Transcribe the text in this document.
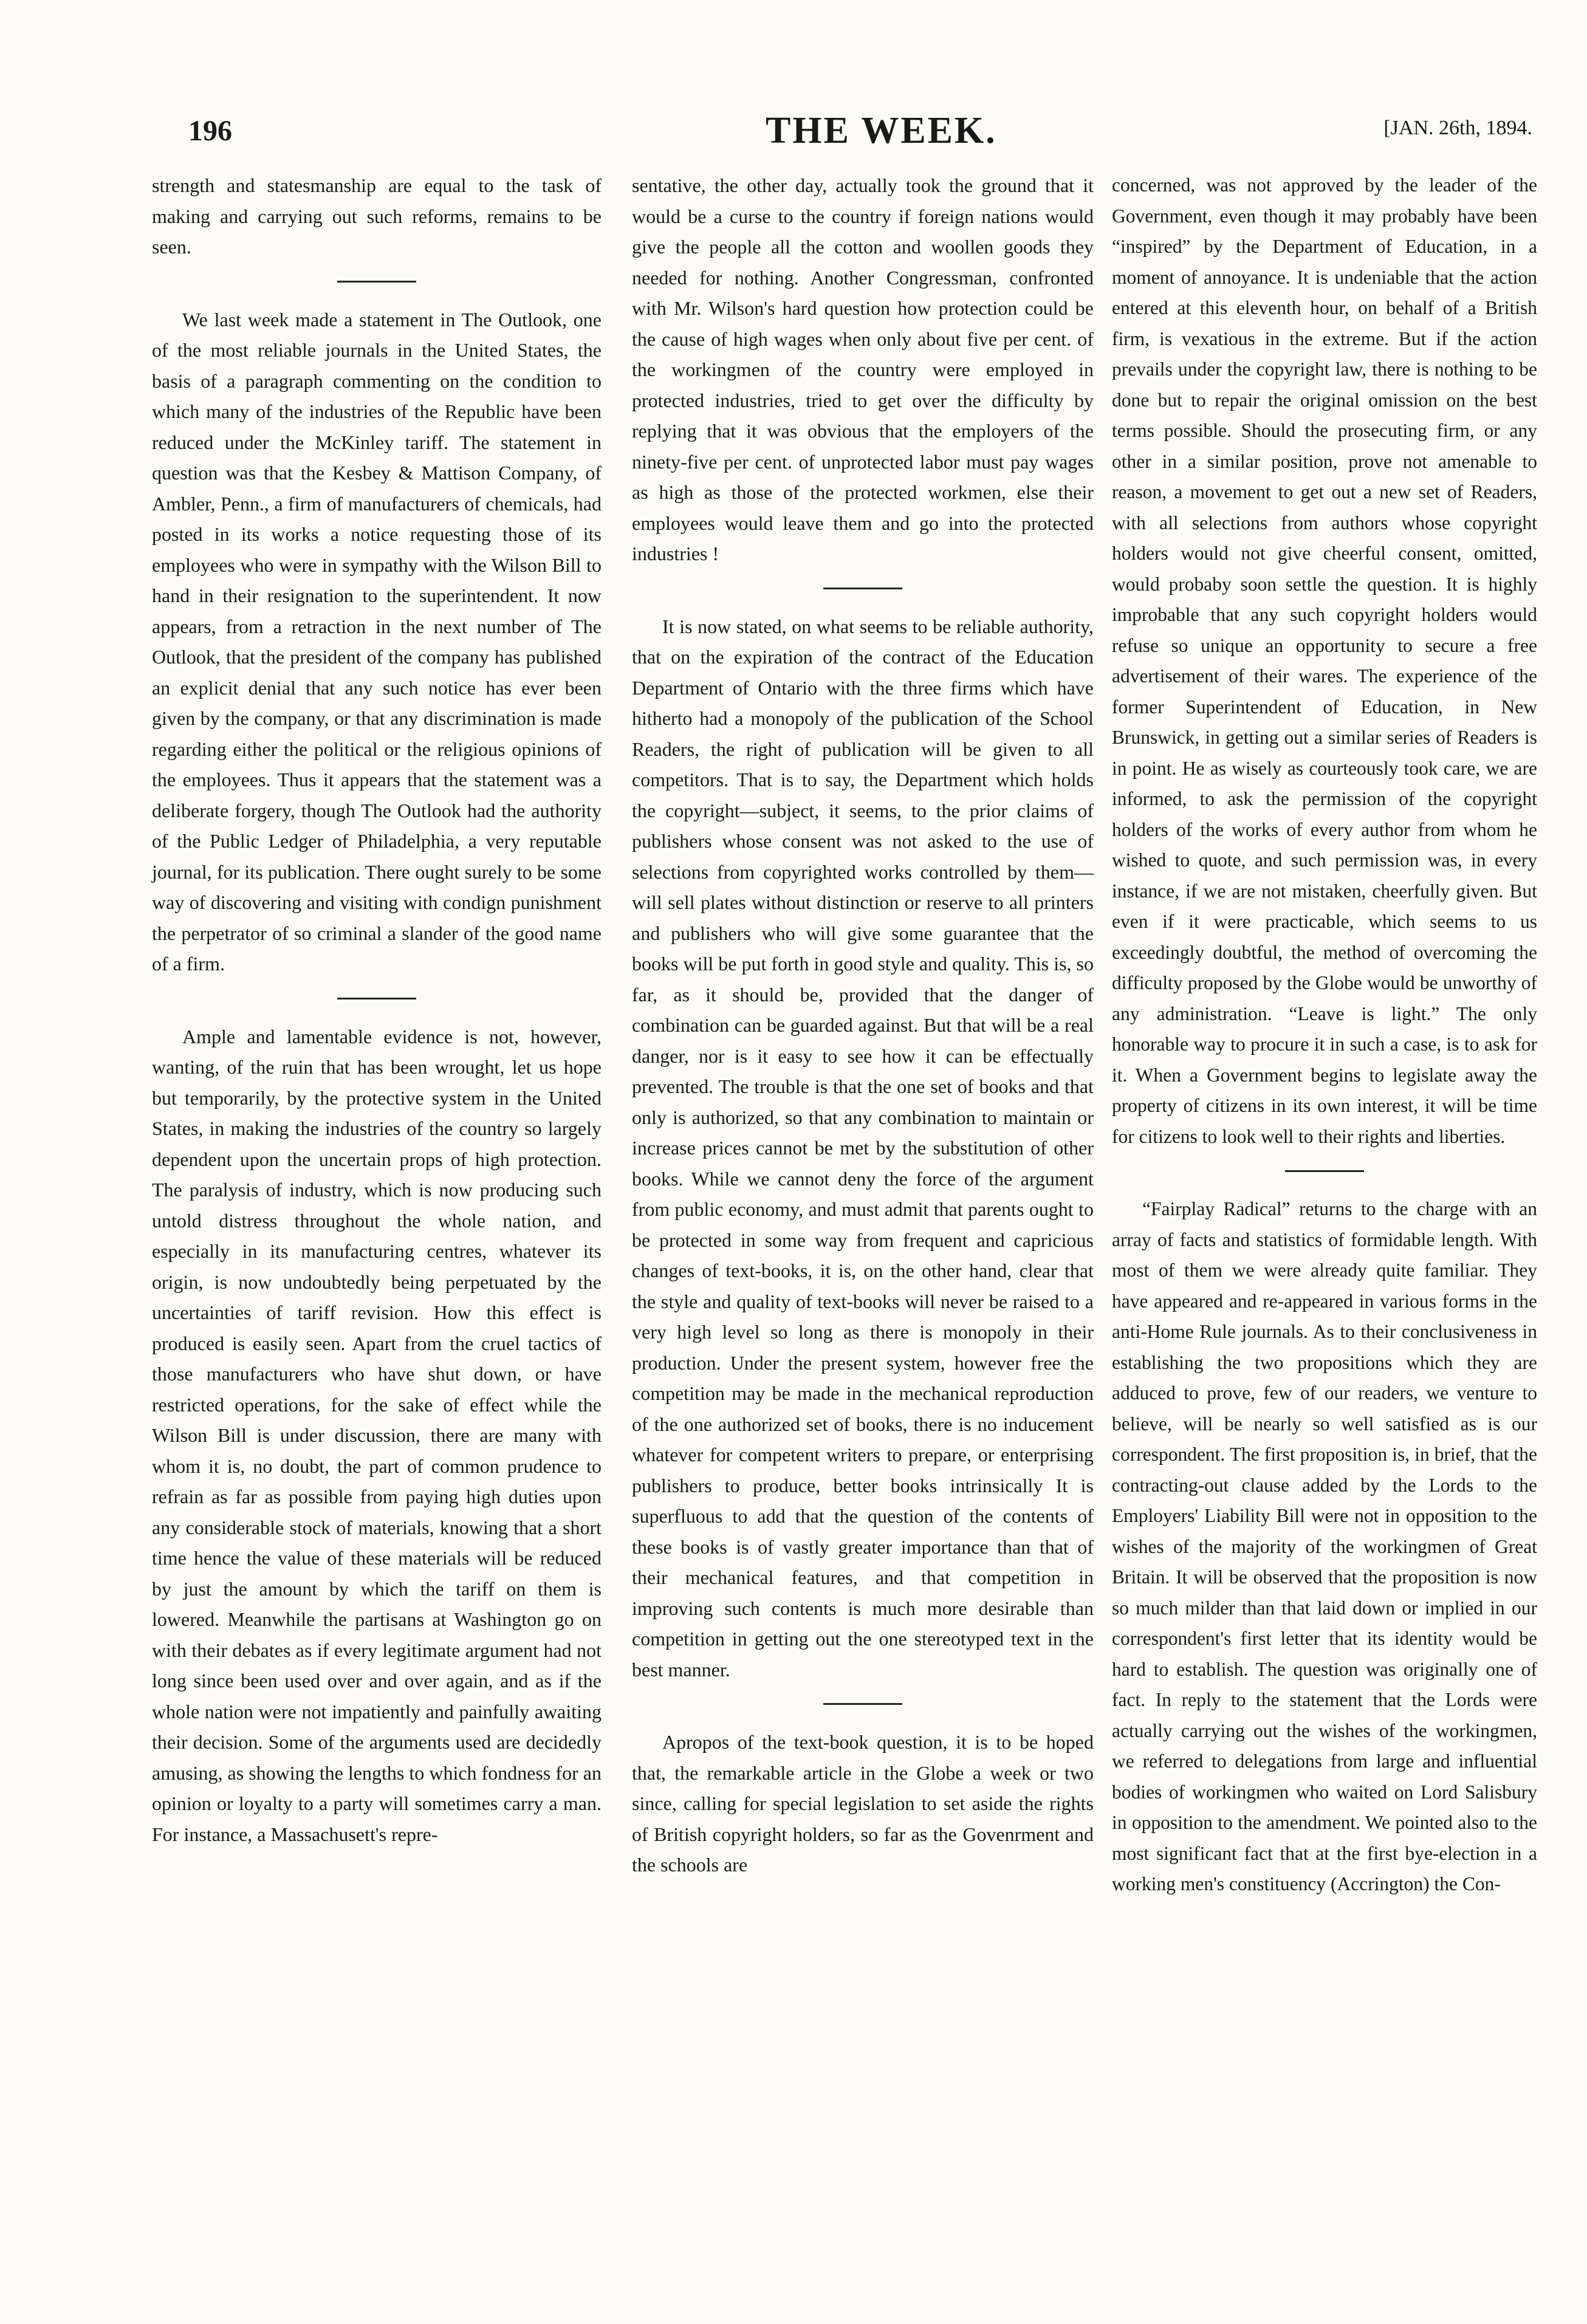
196	THE WEEK.	[JAN. 26th, 1894.

strength and statesmanship are equal to the task of making and carrying out such reforms, remains to be seen.

We last week made a statement in The Outlook, one of the most reliable journals in the United States, the basis of a paragraph commenting on the condition to which many of the industries of the Republic have been reduced under the McKinley tariff. The statement in question was that the Kesbey & Mattison Company, of Ambler, Penn., a firm of manufacturers of chemicals, had posted in its works a notice requesting those of its employees who were in sympathy with the Wilson Bill to hand in their resignation to the superintendent. It now appears, from a retraction in the next number of The Outlook, that the president of the company has published an explicit denial that any such notice has ever been given by the company, or that any discrimination is made regarding either the political or the religious opinions of the employees. Thus it appears that the statement was a deliberate forgery, though The Outlook had the authority of the Public Ledger of Philadelphia, a very reputable journal, for its publication. There ought surely to be some way of discovering and visiting with condign punishment the perpetrator of so criminal a slander of the good name of a firm.

Ample and lamentable evidence is not, however, wanting, of the ruin that has been wrought, let us hope but temporarily, by the protective system in the United States, in making the industries of the country so largely dependent upon the uncertain props of high protection. The paralysis of industry, which is now producing such untold distress throughout the whole nation, and especially in its manufacturing centres, whatever its origin, is now undoubtedly being perpetuated by the uncertainties of tariff revision. How this effect is produced is easily seen. Apart from the cruel tactics of those manufacturers who have shut down, or have restricted operations, for the sake of effect while the Wilson Bill is under discussion, there are many with whom it is, no doubt, the part of common prudence to refrain as far as possible from paying high duties upon any considerable stock of materials, knowing that a short time hence the value of these materials will be reduced by just the amount by which the tariff on them is lowered. Meanwhile the partisans at Washington go on with their debates as if every legitimate argument had not long since been used over and over again, and as if the whole nation were not impatiently and painfully awaiting their decision. Some of the arguments used are decidedly amusing, as showing the lengths to which fondness for an opinion or loyalty to a party will sometimes carry a man. For instance, a Massachusett's repre-

sentative, the other day, actually took the ground that it would be a curse to the country if foreign nations would give the people all the cotton and woollen goods they needed for nothing. Another Congressman, confronted with Mr. Wilson's hard question how protection could be the cause of high wages when only about five per cent. of the workingmen of the country were employed in protected industries, tried to get over the difficulty by replying that it was obvious that the employers of the ninety-five per cent. of unprotected labor must pay wages as high as those of the protected workmen, else their employees would leave them and go into the protected industries !

It is now stated, on what seems to be reliable authority, that on the expiration of the contract of the Education Department of Ontario with the three firms which have hitherto had a monopoly of the publication of the School Readers, the right of publication will be given to all competitors. That is to say, the Department which holds the copyright—subject, it seems, to the prior claims of publishers whose consent was not asked to the use of selections from copyrighted works controlled by them—will sell plates without distinction or reserve to all printers and publishers who will give some guarantee that the books will be put forth in good style and quality. This is, so far, as it should be, provided that the danger of combination can be guarded against. But that will be a real danger, nor is it easy to see how it can be effectually prevented. The trouble is that the one set of books and that only is authorized, so that any combination to maintain or increase prices cannot be met by the substitution of other books. While we cannot deny the force of the argument from public economy, and must admit that parents ought to be protected in some way from frequent and capricious changes of text-books, it is, on the other hand, clear that the style and quality of text-books will never be raised to a very high level so long as there is monopoly in their production. Under the present system, however free the competition may be made in the mechanical reproduction of the one authorized set of books, there is no inducement whatever for competent writers to prepare, or enterprising publishers to produce, better books intrinsically It is superfluous to add that the question of the contents of these books is of vastly greater importance than that of their mechanical features, and that competition in improving such contents is much more desirable than competition in getting out the one stereotyped text in the best manner.

Apropos of the text-book question, it is to be hoped that, the remarkable article in the Globe a week or two since, calling for special legislation to set aside the rights of British copyright holders, so far as the Govenrment and the schools are

concerned, was not approved by the leader of the Government, even though it may probably have been “inspired” by the Department of Education, in a moment of annoyance. It is undeniable that the action entered at this eleventh hour, on behalf of a British firm, is vexatious in the extreme. But if the action prevails under the copyright law, there is nothing to be done but to repair the original omission on the best terms possible. Should the prosecuting firm, or any other in a similar position, prove not amenable to reason, a movement to get out a new set of Readers, with all selections from authors whose copyright holders would not give cheerful consent, omitted, would probaby soon settle the question. It is highly improbable that any such copyright holders would refuse so unique an opportunity to secure a free advertisement of their wares. The experience of the former Superintendent of Education, in New Brunswick, in getting out a similar series of Readers is in point. He as wisely as courteously took care, we are informed, to ask the permission of the copyright holders of the works of every author from whom he wished to quote, and such permission was, in every instance, if we are not mistaken, cheerfully given. But even if it were practicable, which seems to us exceedingly doubtful, the method of overcoming the difficulty proposed by the Globe would be unworthy of any administration. “Leave is light.” The only honorable way to procure it in such a case, is to ask for it. When a Government begins to legislate away the property of citizens in its own interest, it will be time for citizens to look well to their rights and liberties.

“Fairplay Radical” returns to the charge with an array of facts and statistics of formidable length. With most of them we were already quite familiar. They have appeared and re-appeared in various forms in the anti-Home Rule journals. As to their conclusiveness in establishing the two propositions which they are adduced to prove, few of our readers, we venture to believe, will be nearly so well satisfied as is our correspondent. The first proposition is, in brief, that the contracting-out clause added by the Lords to the Employers' Liability Bill were not in opposition to the wishes of the majority of the workingmen of Great Britain. It will be observed that the proposition is now so much milder than that laid down or implied in our correspondent's first letter that its identity would be hard to establish. The question was originally one of fact. In reply to the statement that the Lords were actually carrying out the wishes of the workingmen, we referred to delegations from large and influential bodies of workingmen who waited on Lord Salisbury in opposition to the amendment. We pointed also to the most significant fact that at the first bye-election in a working men's constituency (Accrington) the Con-
